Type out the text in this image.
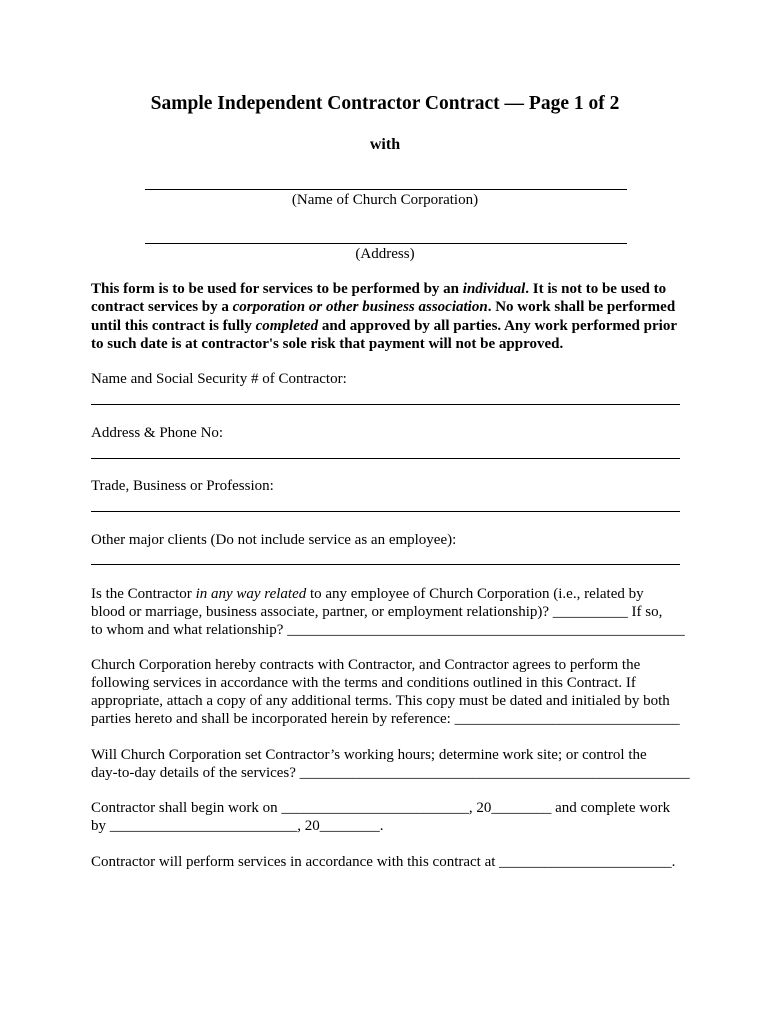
Sample Independent Contractor Contract — Page 1 of 2
with
(Name of Church Corporation)
(Address)
This form is to be used for services to be performed by an individual. It is not to be used to contract services by a corporation or other business association. No work shall be performed until this contract is fully completed and approved by all parties. Any work performed prior to such date is at contractor's sole risk that payment will not be approved.
Name and Social Security # of Contractor:
Address & Phone No:
Trade, Business or Profession:
Other major clients (Do not include service as an employee):
Is the Contractor in any way related to any employee of Church Corporation (i.e., related by
blood or marriage, business associate, partner, or employment relationship)? __________ If so,
to whom and what relationship? _____________________________________________________
Church Corporation hereby contracts with Contractor, and Contractor agrees to perform the
following services in accordance with the terms and conditions outlined in this Contract. If
appropriate, attach a copy of any additional terms. This copy must be dated and initialed by both
parties hereto and shall be incorporated herein by reference: ______________________________
Will Church Corporation set Contractor’s working hours; determine work site; or control the
day-to-day details of the services? ____________________________________________________
Contractor shall begin work on _________________________, 20________ and complete work
by _________________________, 20________.
Contractor will perform services in accordance with this contract at _______________________.
